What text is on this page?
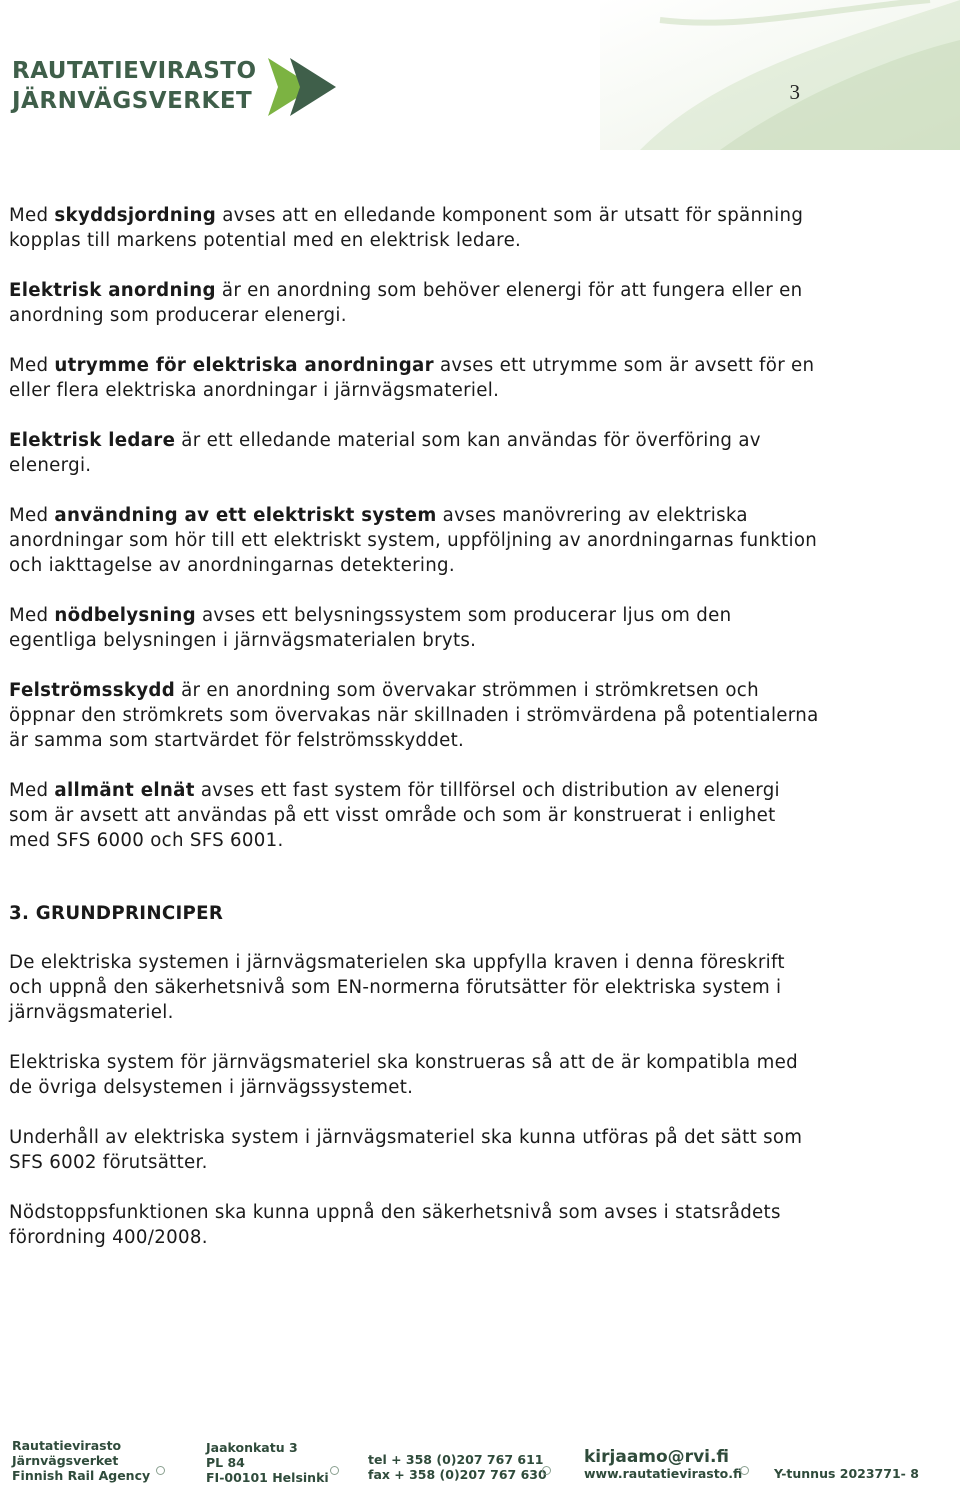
RAUTATIEVIRASTO
JÄRNVÄGSVERKET	3

Med skyddsjordning avses att en elledande komponent som är utsatt för spänning kopplas till markens potential med en elektrisk ledare.

Elektrisk anordning är en anordning som behöver elenergi för att fungera eller en anordning som producerar elenergi.

Med utrymme för elektriska anordningar avses ett utrymme som är avsett för en eller flera elektriska anordningar i järnvägsmateriel.

Elektrisk ledare är ett elledande material som kan användas för överföring av elenergi.

Med användning av ett elektriskt system avses manövrering av elektriska anordningar som hör till ett elektriskt system, uppföljning av anordningarnas funktion och iakttagelse av anordningarnas detektering.

Med nödbelysning avses ett belysningssystem som producerar ljus om den egentliga belysningen i järnvägsmaterialen bryts.

Felströmsskydd är en anordning som övervakar strömmen i strömkretsen och öppnar den strömkrets som övervakas när skillnaden i strömvärdena på potentialerna är samma som startvärdet för felströmsskyddet.

Med allmänt elnät avses ett fast system för tillförsel och distribution av elenergi som är avsett att användas på ett visst område och som är konstruerat i enlighet med SFS 6000 och SFS 6001.

3. GRUNDPRINCIPER

De elektriska systemen i järnvägsmaterielen ska uppfylla kraven i denna föreskrift och uppnå den säkerhetsnivå som EN-normerna förutsätter för elektriska system i järnvägsmateriel.

Elektriska system för järnvägsmateriel ska konstrueras så att de är kompatibla med de övriga delsystemen i järnvägssystemet.

Underhåll av elektriska system i järnvägsmateriel ska kunna utföras på det sätt som SFS 6002 förutsätter.

Nödstoppsfunktionen ska kunna uppnå den säkerhetsnivå som avses i statsrådets förordning 400/2008.

Rautatievirasto
Järnvägsverket
Finnish Rail Agency
Jaakonkatu 3
PL 84
FI-00101 Helsinki
tel + 358 (0)207 767 611
fax + 358 (0)207 767 630
kirjaamo@rvi.fi
www.rautatievirasto.fi	Y-tunnus 2023771- 8
